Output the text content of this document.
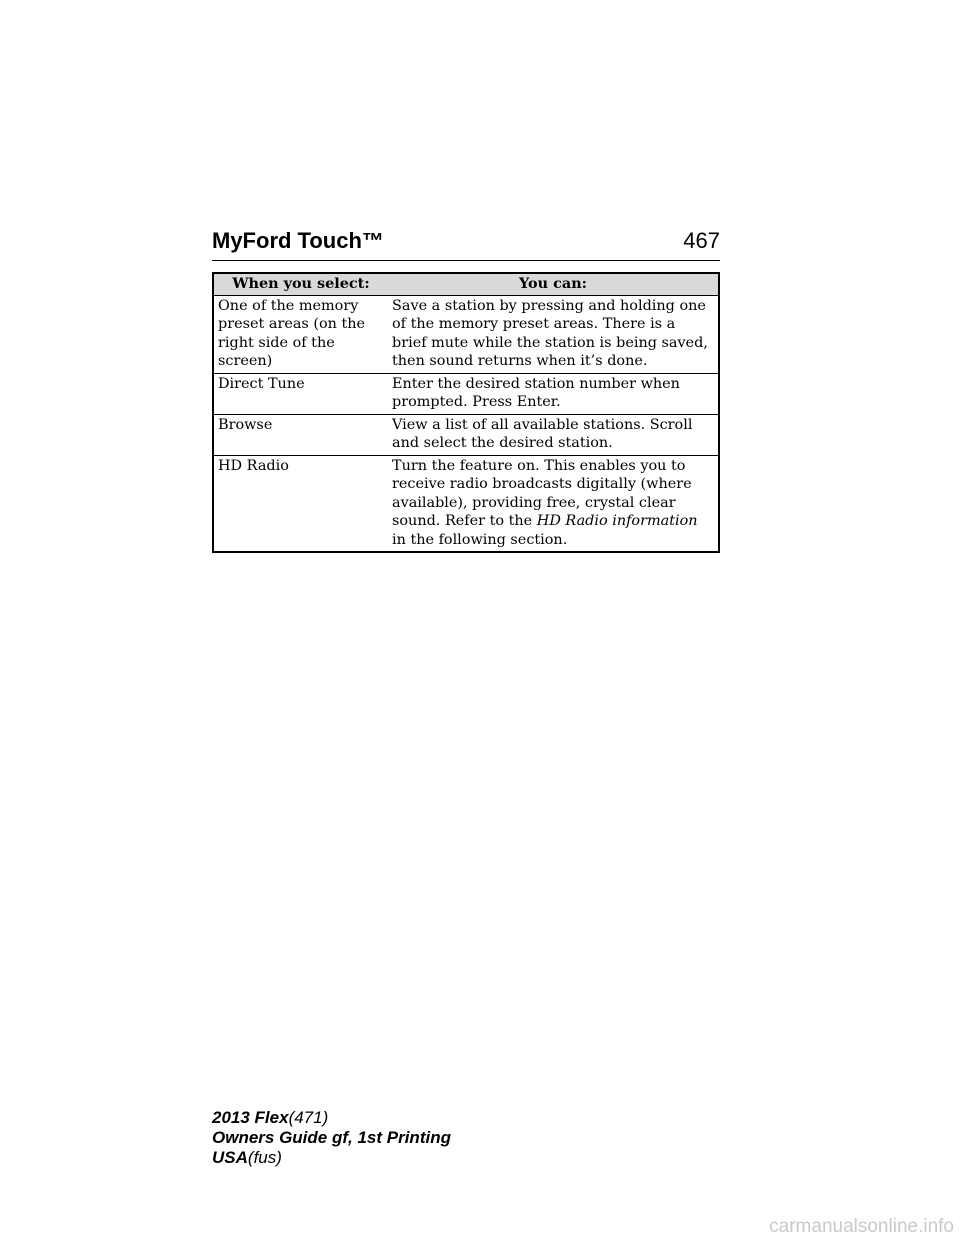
MyFord Touch™	467
When you select:	You can:
One of the memory preset areas (on the right side of the screen)	Save a station by pressing and holding one of the memory preset areas. There is a brief mute while the station is being saved, then sound returns when it’s done.
Direct Tune	Enter the desired station number when prompted. Press Enter.
Browse	View a list of all available stations. Scroll and select the desired station.
HD Radio	Turn the feature on. This enables you to receive radio broadcasts digitally (where available), providing free, crystal clear sound. Refer to the HD Radio information in the following section.
2013 Flex(471)
Owners Guide gf, 1st Printing
USA(fus)
carmanualsonline.info
